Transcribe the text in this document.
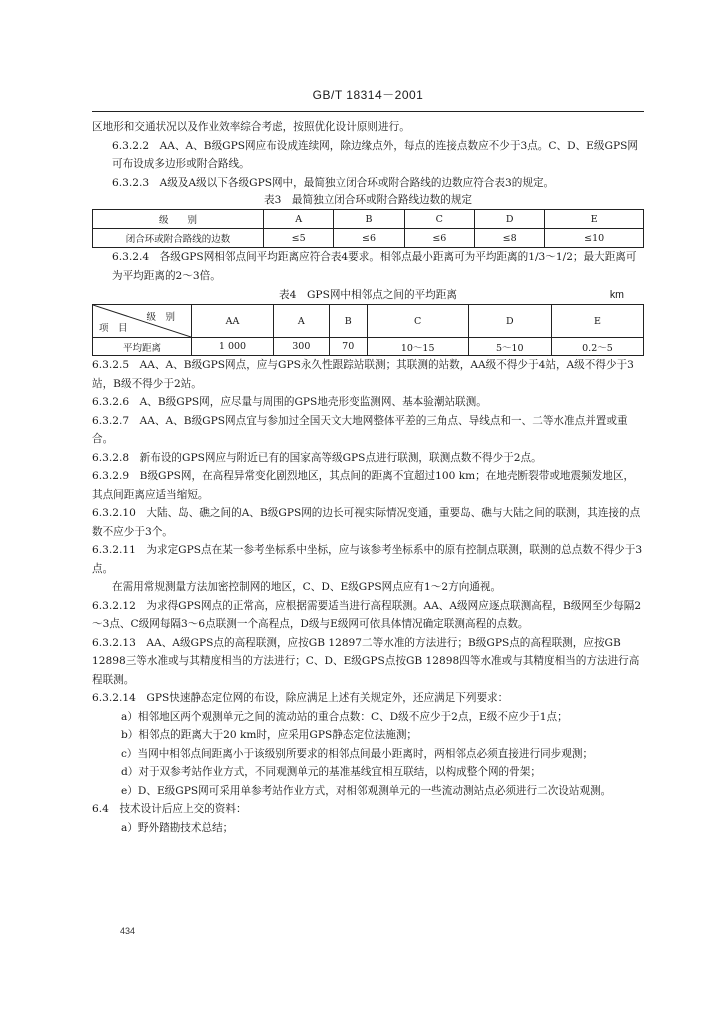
GB/T 18314－2001

区地形和交通状况以及作业效率综合考虑，按照优化设计原则进行。

6.3.2.2　AA、A、B级GPS网应布设成连续网，除边缘点外，每点的连接点数应不少于3点。C、D、E级GPS网可布设成多边形或附合路线。

6.3.2.3　A级及A级以下各级GPS网中，最简独立闭合环或附合路线的边数应符合表3的规定。

表3　最简独立闭合环或附合路线边数的规定
级　　别	A	B	C	D	E
闭合环或附合路线的边数	≤5	≤6	≤6	≤8	≤10

6.3.2.4　各级GPS网相邻点间平均距离应符合表4要求。相邻点最小距离可为平均距离的1/3～1/2；最大距离可为平均距离的2～3倍。

表4　GPS网中相邻点之间的平均距离	km
级　别
项　目	AA	A	B	C	D	E
平均距离	1 000	300	70	10～15	5～10	0.2～5

6.3.2.5　AA、A、B级GPS网点，应与GPS永久性跟踪站联测；其联测的站数，AA级不得少于4站，A级不得少于3站，B级不得少于2站。

6.3.2.6　A、B级GPS网，应尽量与周围的GPS地壳形变监测网、基本验潮站联测。

6.3.2.7　AA、A、B级GPS网点宜与参加过全国天文大地网整体平差的三角点、导线点和一、二等水准点并置或重合。

6.3.2.8　新布设的GPS网应与附近已有的国家高等级GPS点进行联测，联测点数不得少于2点。

6.3.2.9　B级GPS网，在高程异常变化剧烈地区，其点间的距离不宜超过100 km；在地壳断裂带或地震频发地区，其点间距离应适当缩短。

6.3.2.10　大陆、岛、礁之间的A、B级GPS网的边长可视实际情况变通，重要岛、礁与大陆之间的联测，其连接的点数不应少于3个。

6.3.2.11　为求定GPS点在某一参考坐标系中坐标，应与该参考坐标系中的原有控制点联测，联测的总点数不得少于3点。

在需用常规测量方法加密控制网的地区，C、D、E级GPS网点应有1～2方向通视。

6.3.2.12　为求得GPS网点的正常高，应根据需要适当进行高程联测。AA、A级网应逐点联测高程，B级网至少每隔2～3点、C级网每隔3～6点联测一个高程点，D级与E级网可依具体情况确定联测高程的点数。

6.3.2.13　AA、A级GPS点的高程联测，应按GB 12897二等水准的方法进行；B级GPS点的高程联测，应按GB 12898三等水准或与其精度相当的方法进行；C、D、E级GPS点按GB 12898四等水准或与其精度相当的方法进行高程联测。

6.3.2.14　GPS快速静态定位网的布设，除应满足上述有关规定外，还应满足下列要求：

a）相邻地区两个观测单元之间的流动站的重合点数：C、D级不应少于2点，E级不应少于1点；

b）相邻点的距离大于20 km时，应采用GPS静态定位法施测；

c）当网中相邻点间距离小于该级别所要求的相邻点间最小距离时，两相邻点必须直接进行同步观测；

d）对于双参考站作业方式，不同观测单元的基准基线宜相互联结，以构成整个网的骨架；

e）D、E级GPS网可采用单参考站作业方式，对相邻观测单元的一些流动测站点必须进行二次设站观测。

6.4　技术设计后应上交的资料：

a）野外踏勘技术总结；

434
